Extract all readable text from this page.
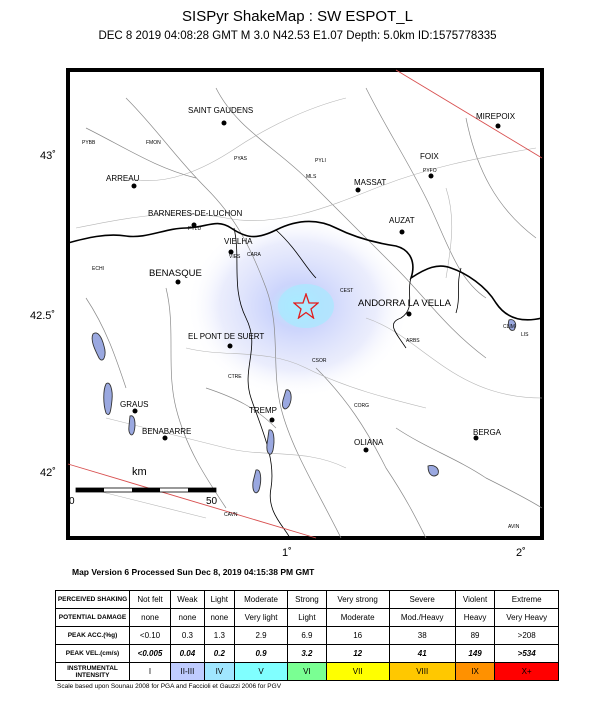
SISPyr ShakeMap : SW ESPOT_L
DEC 8 2019 04:08:28 GMT M 3.0 N42.53 E1.07 Depth: 5.0km ID:1575778335
43˚
42.5˚
42˚
1˚	2˚
km
0	50
SAINT GAUDENS
PYBB	FMON
PYAS	PYLI
MIREPOIX
FOIX
PYFO
ARREAU	MLS
MASSAT
BARNERES-DE-LUCHON
PYLU
AUZAT
VIELHA
VIES CARA
ECHI	BENASQUE
CEST
ANDORRA LA VELLA
CLIM
LIS
EL PONT DE SUERT	ARBS
CSOR
CTRE
GRAUS
TREMP	CORG
BENABARRE
OLIANA
BERGA
CAVN
AVIN
Map Version 6 Processed Sun Dec 8, 2019 04:15:38 PM GMT
PERCEIVED SHAKING	Not felt	Weak	Light	Moderate	Strong	Very strong	Severe	Violent	Extreme
POTENTIAL DAMAGE	none	none	none	Very light	Light	Moderate	Mod./Heavy	Heavy	Very Heavy
PEAK ACC.(%g)	<0.10	0.3	1.3	2.9	6.9	16	38	89	>208
PEAK VEL.(cm/s)	<0.005	0.04	0.2	0.9	3.2	12	41	149	>534
INSTRUMENTAL INTENSITY	I	II-III	IV	V	VI	VII	VIII	IX	X+
Scale based upon Sounau 2008 for PGA and Faccioli et Gauzzi 2006 for PGV
